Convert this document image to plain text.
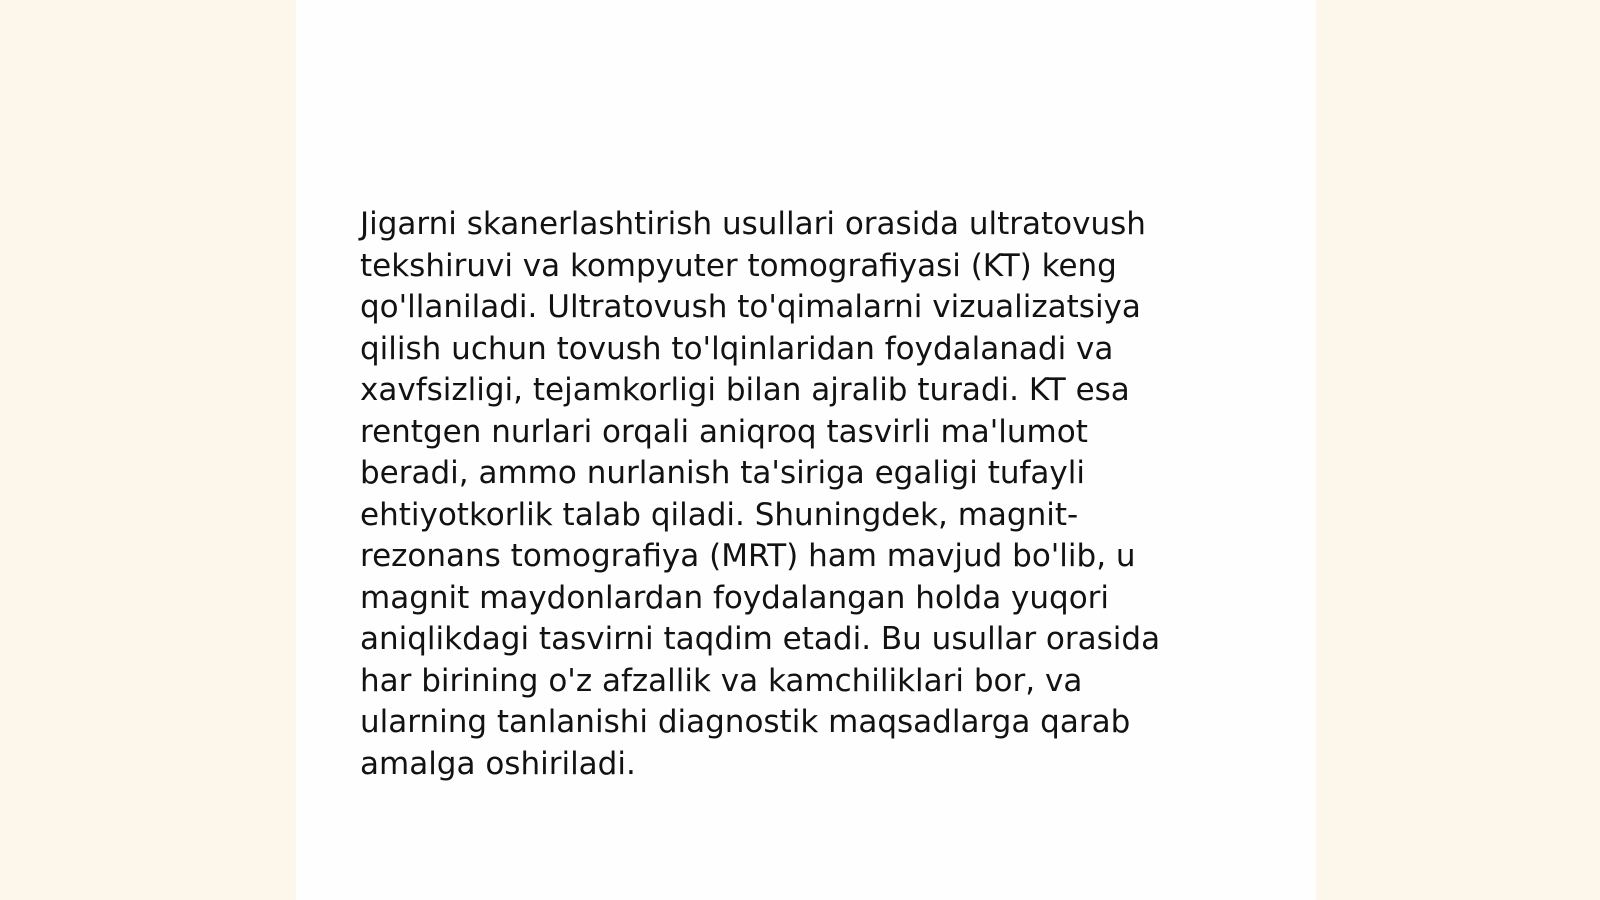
Jigarni skanerlashtirish usullari orasida ultratovush
tekshiruvi va kompyuter tomografiyasi (KT) keng
qo'llaniladi. Ultratovush to'qimalarni vizualizatsiya
qilish uchun tovush to'lqinlaridan foydalanadi va
xavfsizligi, tejamkorligi bilan ajralib turadi. KT esa
rentgen nurlari orqali aniqroq tasvirli ma'lumot
beradi, ammo nurlanish ta'siriga egaligi tufayli
ehtiyotkorlik talab qiladi. Shuningdek, magnit-
rezonans tomografiya (MRT) ham mavjud bo'lib, u
magnit maydonlardan foydalangan holda yuqori
aniqlikdagi tasvirni taqdim etadi. Bu usullar orasida
har birining o'z afzallik va kamchiliklari bor, va
ularning tanlanishi diagnostik maqsadlarga qarab
amalga oshiriladi.
